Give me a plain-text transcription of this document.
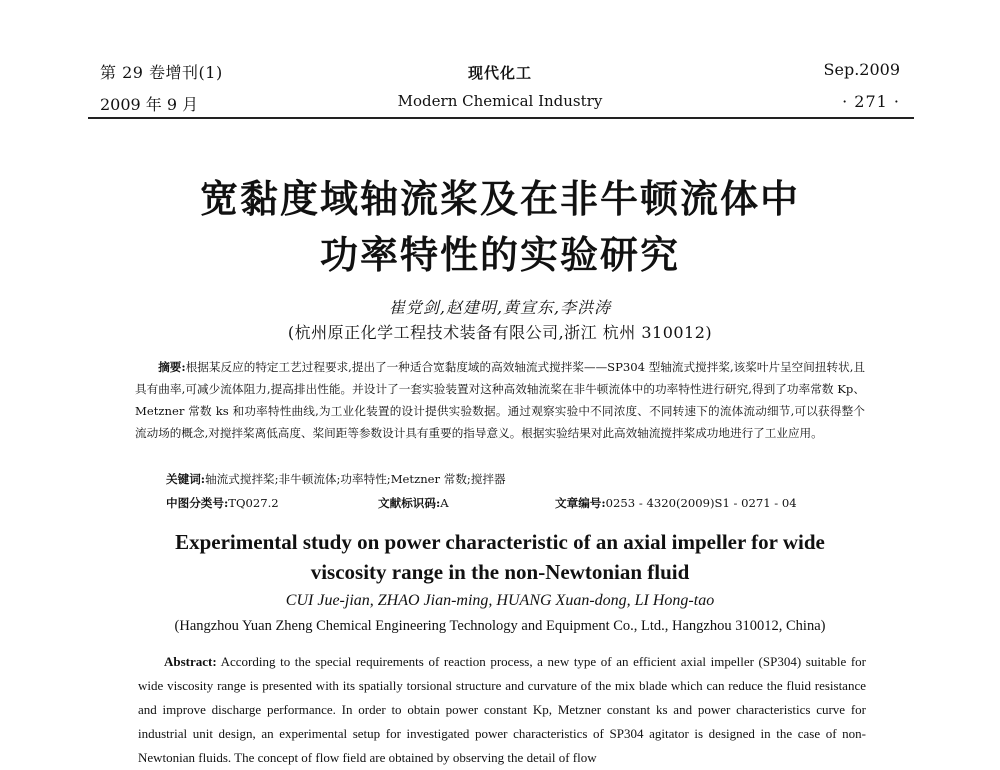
第 29 卷增刊(1)
2009 年 9 月
现代化工
Modern Chemical Industry
Sep.2009
· 271 ·
宽黏度域轴流桨及在非牛顿流体中
功率特性的实验研究
崔党剑,赵建明,黄宣东,李洪涛
(杭州原正化学工程技术装备有限公司,浙江 杭州 310012)
摘要:根据某反应的特定工艺过程要求,提出了一种适合宽黏度域的高效轴流式搅拌桨——SP304 型轴流式搅拌桨,该桨叶片呈空间扭转状,且具有曲率,可减少流体阻力,提高排出性能。并设计了一套实验装置对这种高效轴流桨在非牛顿流体中的功率特性进行研究,得到了功率常数 Kp、Metzner 常数 ks 和功率特性曲线,为工业化装置的设计提供实验数据。通过观察实验中不同浓度、不同转速下的流体流动细节,可以获得整个流动场的概念,对搅拌桨离低高度、桨间距等参数设计具有重要的指导意义。根据实验结果对此高效轴流搅拌桨成功地进行了工业应用。
关键词:轴流式搅拌桨;非牛顿流体;功率特性;Metzner 常数;搅拌器
中图分类号:TQ027.2	文献标识码:A	文章编号:0253 - 4320(2009)S1 - 0271 - 04
Experimental study on power characteristic of an axial impeller for wide
viscosity range in the non-Newtonian fluid
CUI Jue-jian, ZHAO Jian-ming, HUANG Xuan-dong, LI Hong-tao
(Hangzhou Yuan Zheng Chemical Engineering Technology and Equipment Co., Ltd., Hangzhou 310012, China)
Abstract: According to the special requirements of reaction process, a new type of an efficient axial impeller (SP304) suitable for wide viscosity range is presented with its spatially torsional structure and curvature of the mix blade which can reduce the fluid resistance and improve discharge performance. In order to obtain power constant Kp, Metzner constant ks and power characteristics curve for industrial unit design, an experimental setup for investigated power characteristics of SP304 agitator is designed in the case of non-Newtonian fluids. The concept of flow field are obtained by observing the detail of flow
